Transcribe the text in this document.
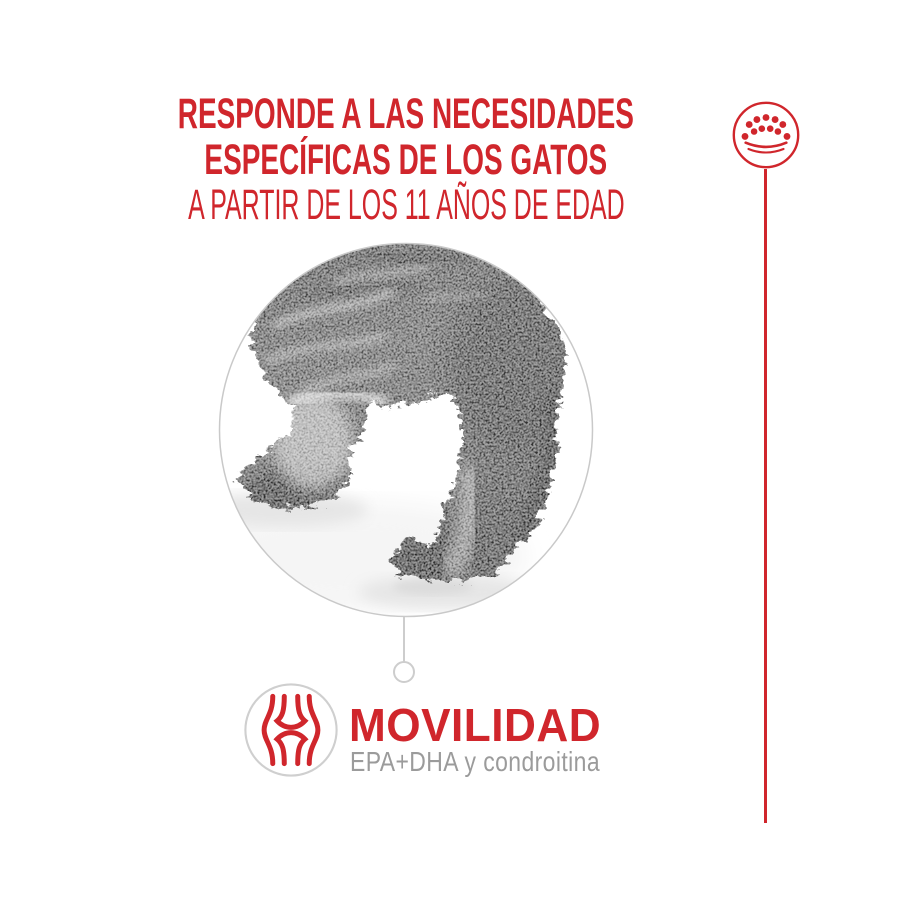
RESPONDE A LAS NECESIDADES
ESPECÍFICAS DE LOS GATOS
A PARTIR DE LOS 11 AÑOS DE EDAD
MOVILIDAD
EPA+DHA y condroitina
